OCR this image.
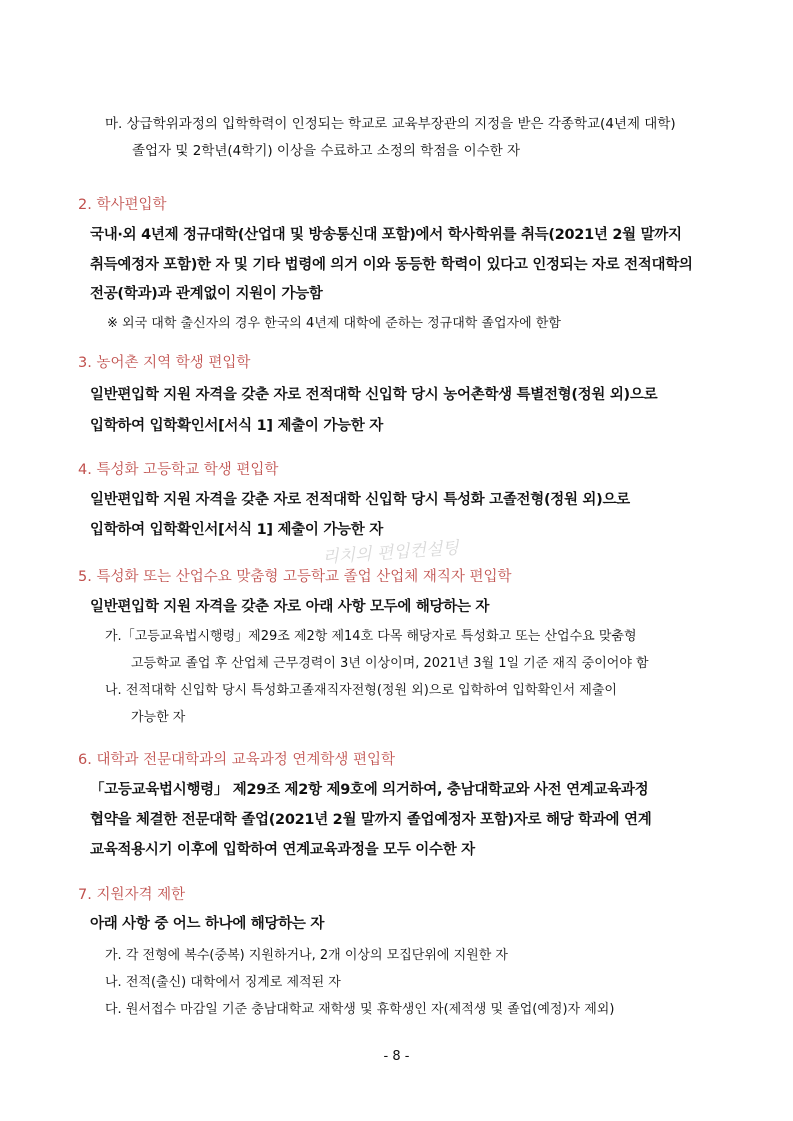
마. 상급학위과정의 입학학력이 인정되는 학교로 교육부장관의 지정을 받은 각종학교(4년제 대학)
졸업자 및 2학년(4학기) 이상을 수료하고 소정의 학점을 이수한 자
2. 학사편입학
국내·외 4년제 정규대학(산업대 및 방송통신대 포함)에서 학사학위를 취득(2021년 2월 말까지
취득예정자 포함)한 자 및 기타 법령에 의거 이와 동등한 학력이 있다고 인정되는 자로 전적대학의
전공(학과)과 관계없이 지원이 가능함
※ 외국 대학 출신자의 경우 한국의 4년제 대학에 준하는 정규대학 졸업자에 한함
3. 농어촌 지역 학생 편입학
일반편입학 지원 자격을 갖춘 자로 전적대학 신입학 당시 농어촌학생 특별전형(정원 외)으로
입학하여 입학확인서[서식 1] 제출이 가능한 자
4. 특성화 고등학교 학생 편입학
일반편입학 지원 자격을 갖춘 자로 전적대학 신입학 당시 특성화 고졸전형(정원 외)으로
입학하여 입학확인서[서식 1] 제출이 가능한 자
리치의 편입컨설팅
5. 특성화 또는 산업수요 맞춤형 고등학교 졸업 산업체 재직자 편입학
일반편입학 지원 자격을 갖춘 자로 아래 사항 모두에 해당하는 자
가.「고등교육법시행령」제29조 제2항 제14호 다목 해당자로 특성화고 또는 산업수요 맞춤형
고등학교 졸업 후 산업체 근무경력이 3년 이상이며, 2021년 3월 1일 기준 재직 중이어야 함
나. 전적대학 신입학 당시 특성화고졸재직자전형(정원 외)으로 입학하여 입학확인서 제출이
가능한 자
6. 대학과 전문대학과의 교육과정 연계학생 편입학
「고등교육법시행령」 제29조 제2항 제9호에 의거하여, 충남대학교와 사전 연계교육과정
협약을 체결한 전문대학 졸업(2021년 2월 말까지 졸업예정자 포함)자로 해당 학과에 연계
교육적용시기 이후에 입학하여 연계교육과정을 모두 이수한 자
7. 지원자격 제한
아래 사항 중 어느 하나에 해당하는 자
가. 각 전형에 복수(중복) 지원하거나, 2개 이상의 모집단위에 지원한 자
나. 전적(출신) 대학에서 징계로 제적된 자
다. 원서접수 마감일 기준 충남대학교 재학생 및 휴학생인 자(제적생 및 졸업(예정)자 제외)
- 8 -
